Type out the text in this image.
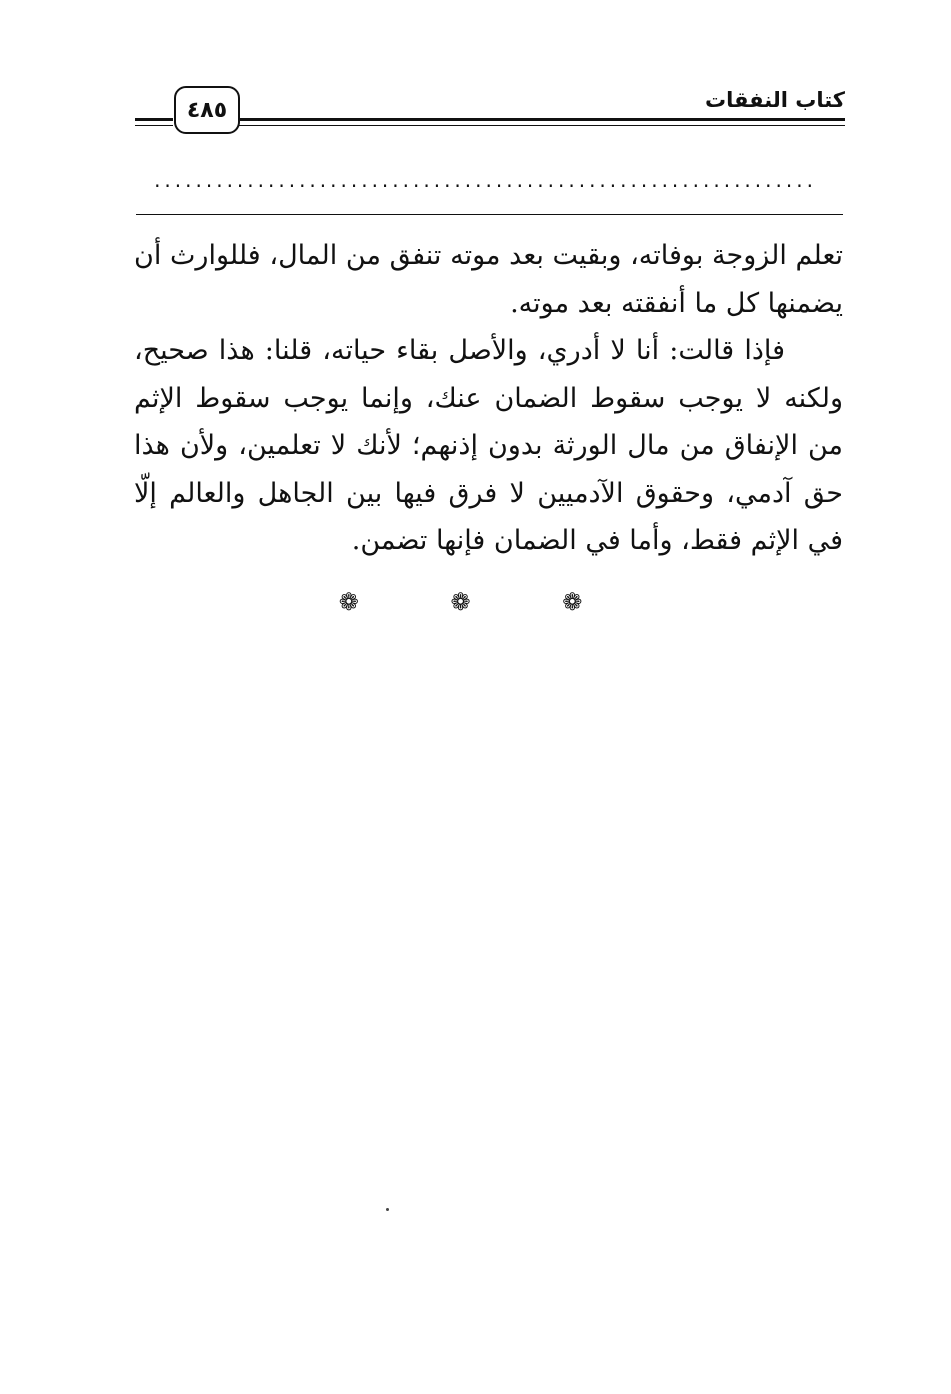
كتاب النفقات
٤٨٥
................................................................

تعلم الزوجة بوفاته، وبقيت بعد موته تنفق من المال، فللوارث أن يضمنها كل ما أنفقته بعد موته.

فإذا قالت: أنا لا أدري، والأصل بقاء حياته، قلنا: هذا صحيح، ولكنه لا يوجب سقوط الضمان عنك، وإنما يوجب سقوط الإثم من الإنفاق من مال الورثة بدون إذنهم؛ لأنك لا تعلمين، ولأن هذا حق آدمي، وحقوق الآدميين لا فرق فيها بين الجاهل والعالم إلّا في الإثم فقط، وأما في الضمان فإنها تضمن.

❁	❁	❁
